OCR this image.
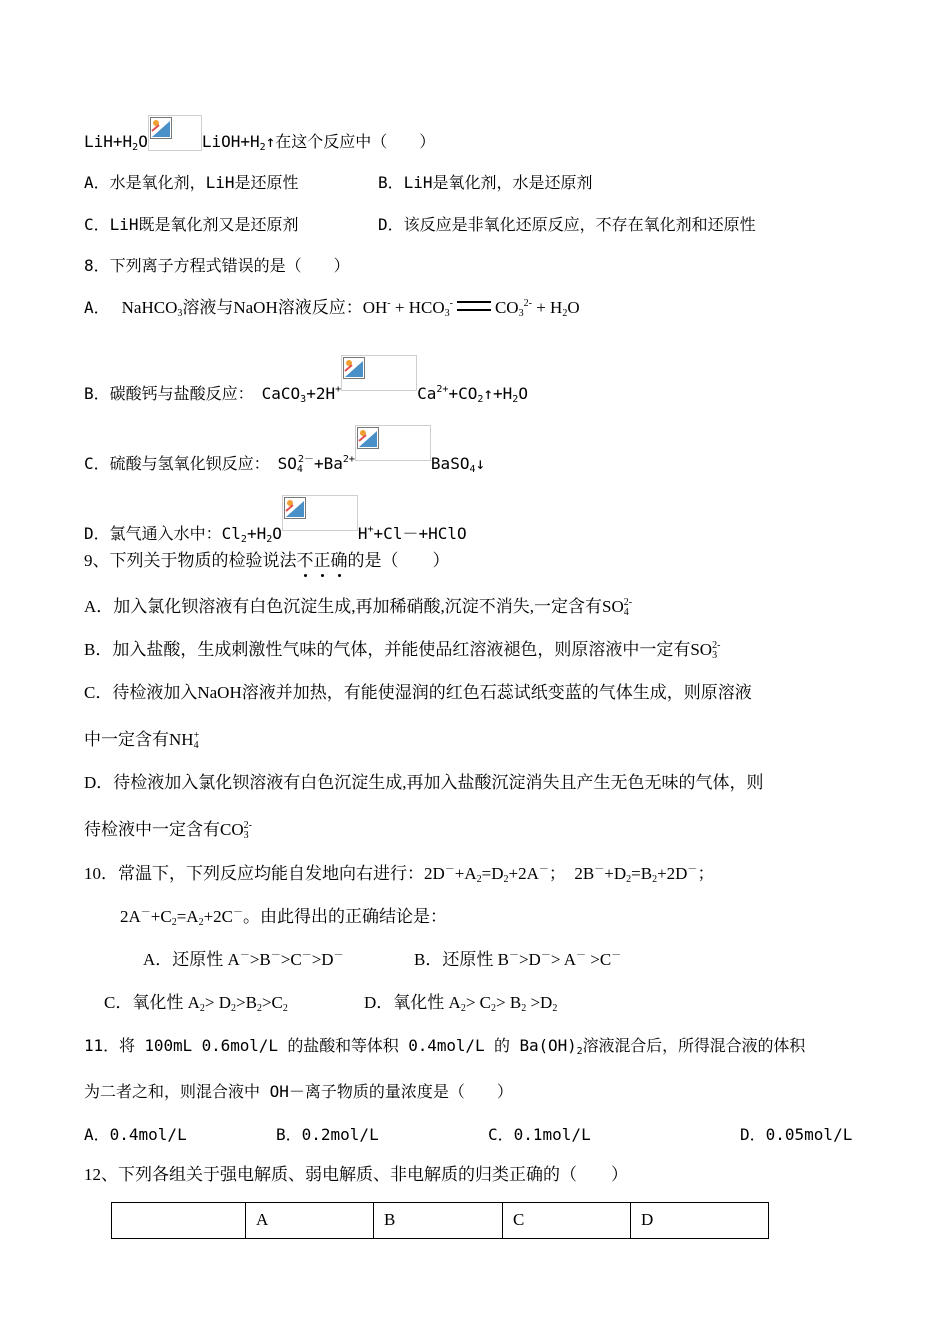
$LiH+H_2O$	$LiOH+H_2↑$在这个反应中（　　）
A．水是氧化剂，LiH是还原性	B．LiH是氧化剂，水是还原剂
C．LiH既是氧化剂又是还原剂	D．该反应是非氧化还原反应，不存在氧化剂和还原性
8．下列离子方程式错误的是（　　）
A． NaHCO$_3$溶液与NaOH溶液反应：$OH^- + HCO_3^-$ $CO_3^{2-} + H_2O$
B．碳酸钙与盐酸反应：　CaCO$_3$+2H+	$Ca^{2+}+CO_2↑+H_2O$
C．硫酸与氢氧化钡反应：　$SO_4^{2-}+Ba^{2+}$	BaSO$_4$↓
D．氯气通入水中：$Cl_2+H_2O$	H++Cl－+HClO
9、下列关于物质的检验说法不正确
的是（　　）
A．加入氯化钡溶液有白色沉淀生成,再加稀硝酸,沉淀不消失,一定含有$SO_4^{2-}$
B．加入盐酸，生成刺激性气味的气体，并能使品红溶液褪色，则原溶液中一定有$SO_3^{2-}$
C．待检液加入NaOH溶液并加热，有能使湿润的红色石蕊试纸变蓝的气体生成，则原溶液
中一定含有$NH_4^+$
D．待检液加入氯化钡溶液有白色沉淀生成,再加入盐酸沉淀消失且产生无色无味的气体，则
待检液中一定含有$CO_3^{2-}$
10．常温下，下列反应均能自发地向右进行：$2D^-+A_2=D_2+2A^-$；　$2B^-+D_2=B_2+2D^-$；
$2A^-+C_2=A_2+2C^-$。由此得出的正确结论是：
A．还原性 A－>B－>C－>D－	B．还原性 B－>D－> A－ >C－
C．氧化性 $A_2> D_2>B_2>C_2$	D．氧化性 $A_2> C_2> B_2 >D_2$
11．将 100mL 0.6mol/L 的盐酸和等体积 0.4mol/L 的 $Ba(OH)_2$溶液混合后，所得混合液的体积
为二者之和，则混合液中 OH－离子物质的量浓度是（　　）
A．0.4mol/L	B．0.2mol/L	C．0.1mol/L	D．0.05mol/L
12、下列各组关于强电解质、弱电解质、非电解质的归类正确的（　　）
	A	B	C	D
